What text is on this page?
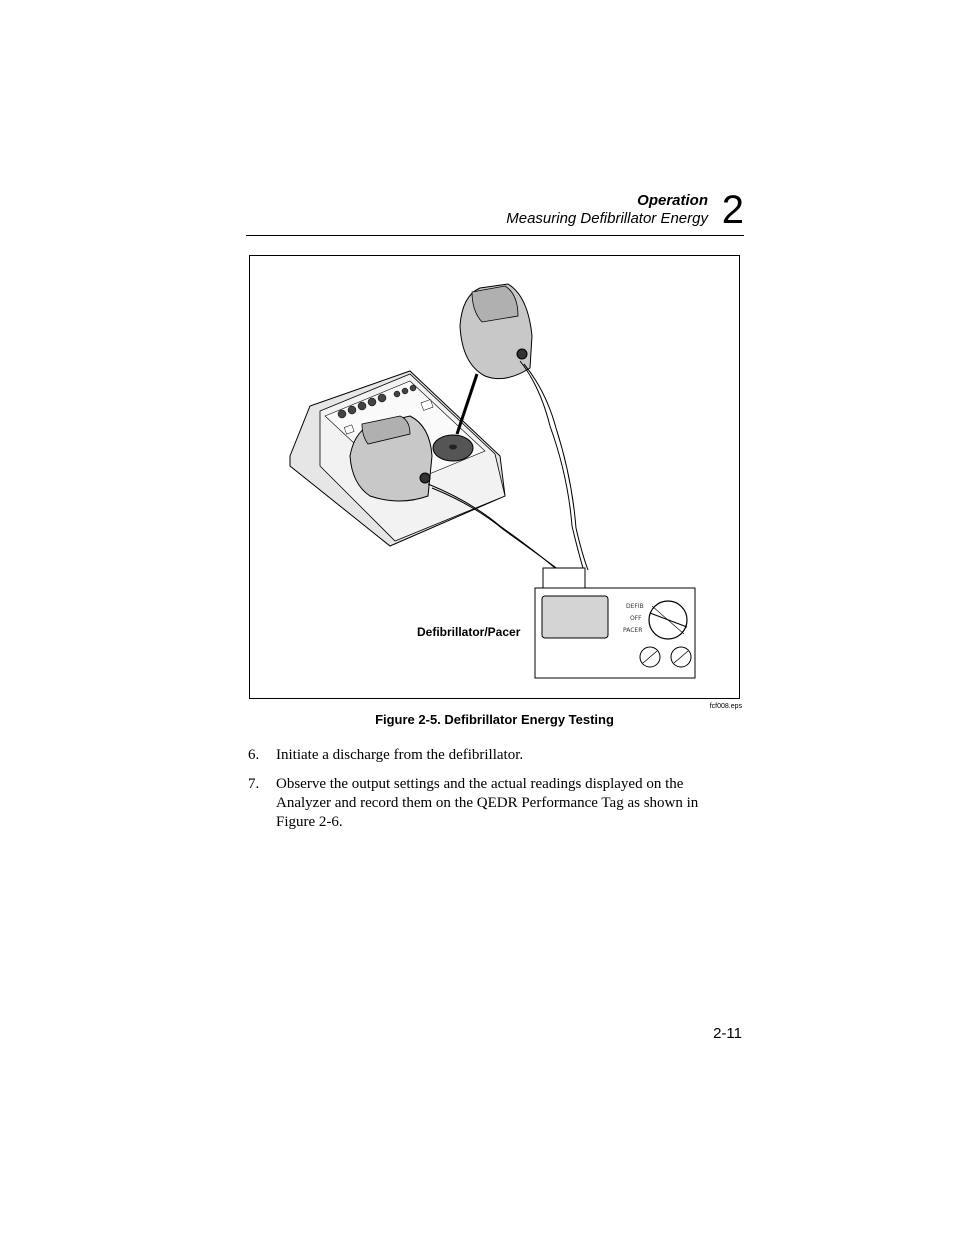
Operation
Measuring Defibrillator Energy 2
DEFIB
OFF
PACER
Defibrillator/Pacer
fcf008.eps
Figure 2-5. Defibrillator Energy Testing
6. Initiate a discharge from the defibrillator.
7. Observe the output settings and the actual readings displayed on the Analyzer and record them on the QEDR Performance Tag as shown in Figure 2-6.
2-11
